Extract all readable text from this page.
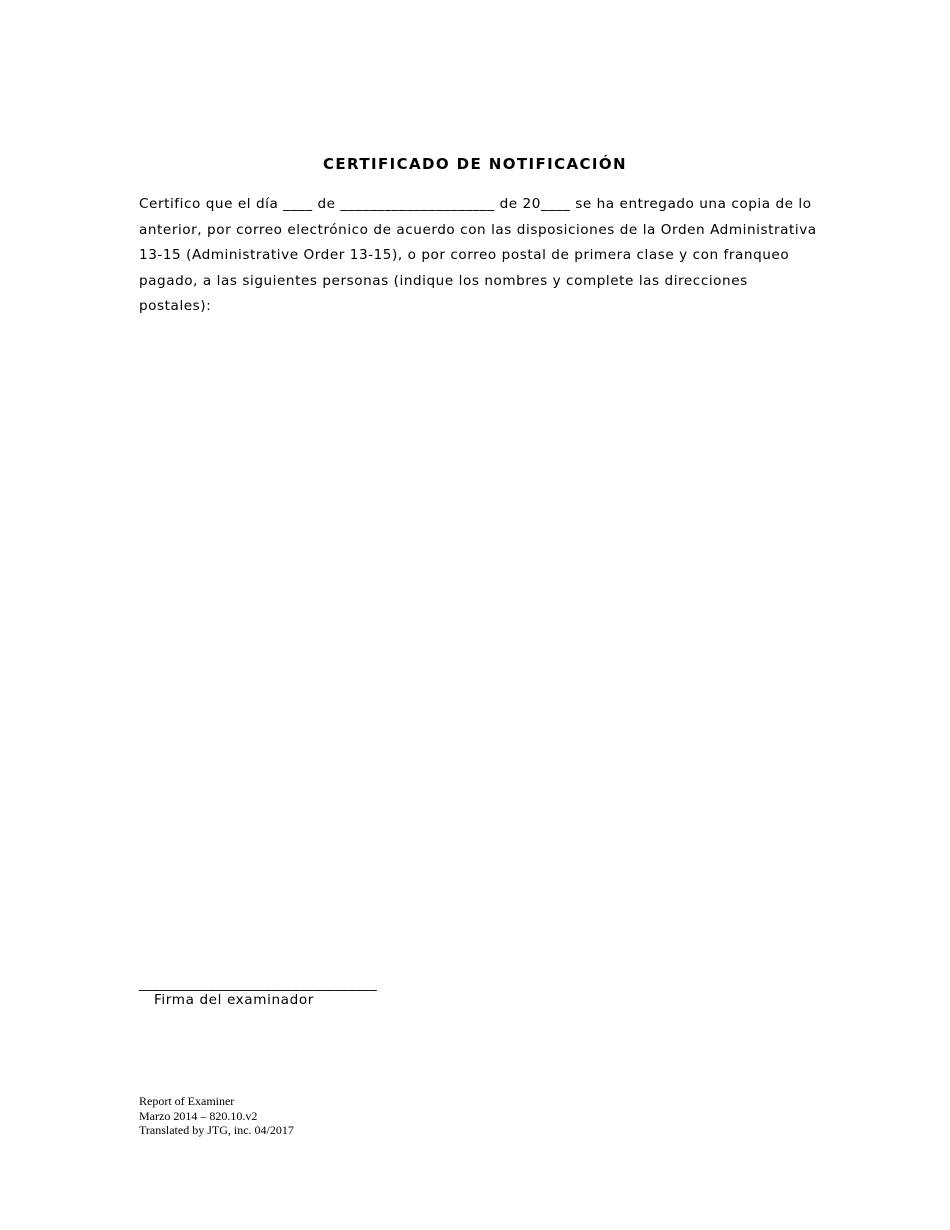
CERTIFICADO DE NOTIFICACIÓN

Certifico que el día ____ de _____________________ de 20____ se ha entregado una copia de lo anterior, por correo electrónico de acuerdo con las disposiciones de la Orden Administrativa 13-15 (Administrative Order 13-15), o por correo postal de primera clase y con franqueo pagado, a las siguientes personas (indique los nombres y complete las direcciones postales):

__________________________________
Firma del examinador
Report of Examiner
Marzo 2014 – 820.10.v2
Translated by JTG, inc. 04/2017
